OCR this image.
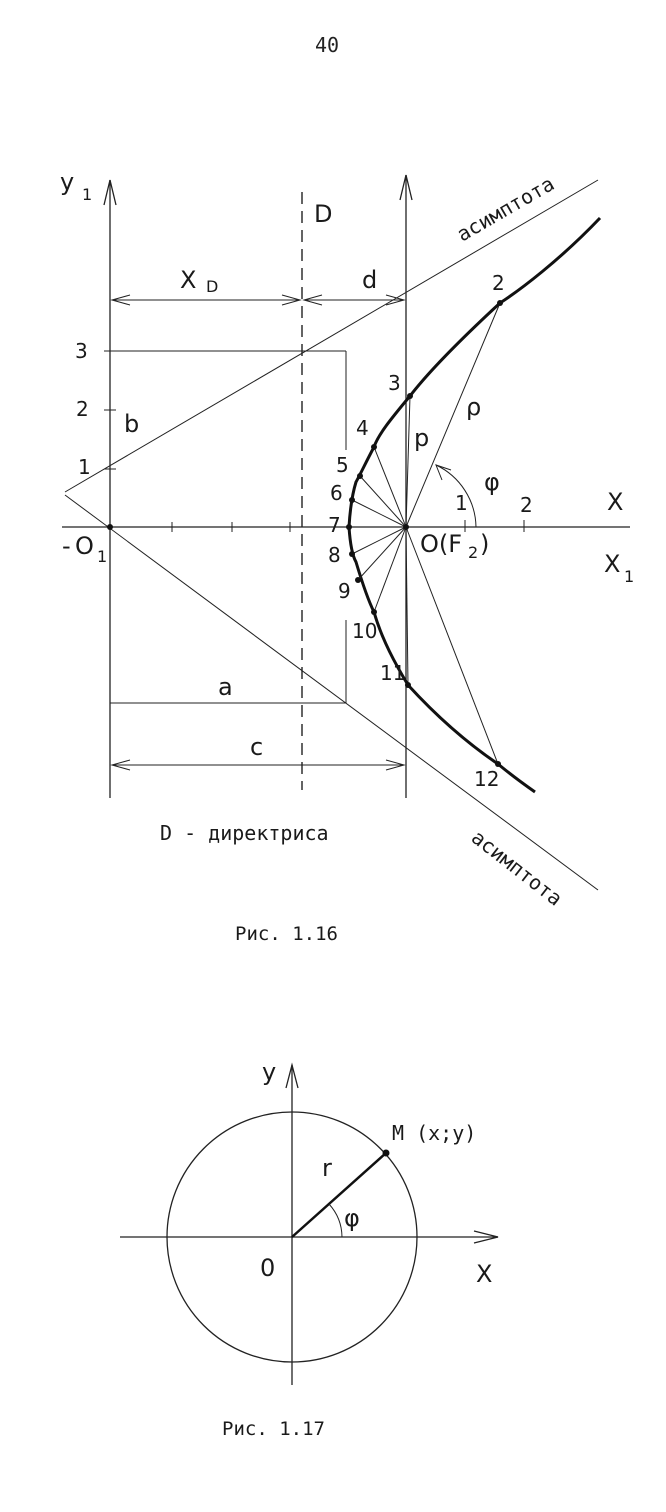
40
y 1
D	асимптота
асимптота
X D	d	2
3
2
1
b
3
p
ρ
4
5
6
7
8
9
10
11
12
φ
1	2	X
X 1
- O 1	O(F 2 )
a
c
D - директриса
Рис. 1.16
y
X
0
r
φ
M (x;y)
Рис. 1.17
